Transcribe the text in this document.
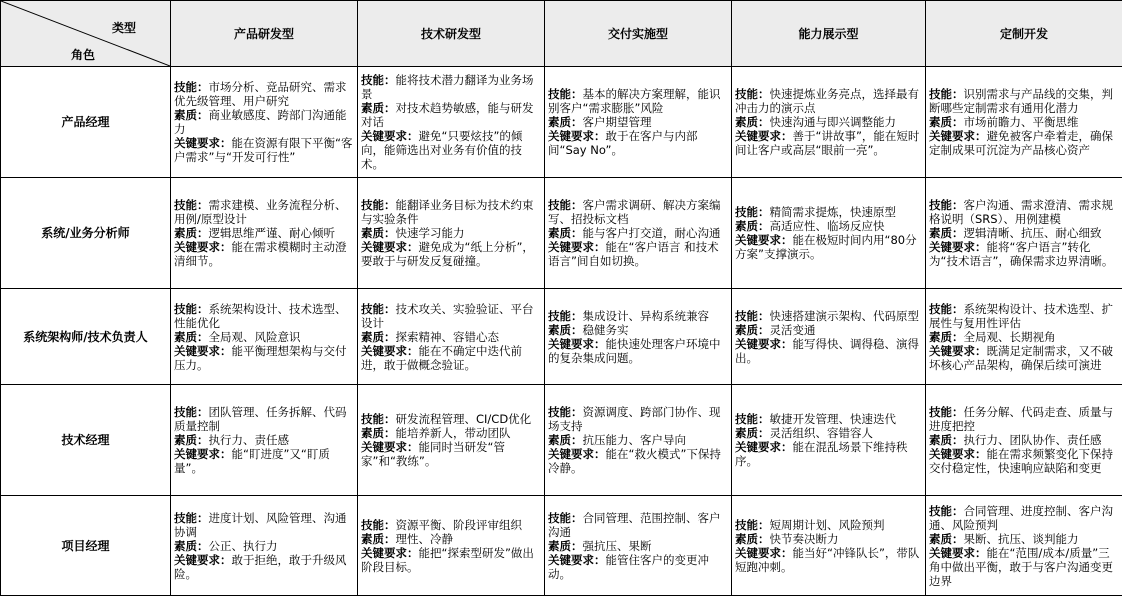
类型
角色	产品研发型	技术研发型	交付实施型	能力展示型	定制开发
产品经理	技能：市场分析、竞品研究、需求优先级管理、用户研究
素质：商业敏感度、跨部门沟通能力
关键要求：能在资源有限下平衡“客户需求”与“开发可行性”	技能：能将技术潜力翻译为业务场景
素质：对技术趋势敏感，能与研发对话
关键要求：避免“只要炫技”的倾向，能筛选出对业务有价值的技术。	技能：基本的解决方案理解，能识别客户“需求膨胀”风险
素质：客户期望管理
关键要求：敢于在客户与内部间“Say No”。	技能：快速提炼业务亮点，选择最有冲击力的演示点
素质：快速沟通与即兴调整能力
关键要求：善于“讲故事”，能在短时间让客户或高层“眼前一亮”。	技能：识别需求与产品线的交集，判断哪些定制需求有通用化潜力
素质：市场前瞻力、平衡思维
关键要求：避免被客户牵着走，确保定制成果可沉淀为产品核心资产

系统/业务分析师	技能：需求建模、业务流程分析、用例/原型设计
素质：逻辑思维严谨、耐心倾听
关键要求：能在需求模糊时主动澄清细节。	技能：能翻译业务目标为技术约束与实验条件
素质：快速学习能力
关键要求：避免成为“纸上分析”，要敢于与研发反复碰撞。	技能：客户需求调研、解决方案编写、招投标文档
素质：能与客户打交道，耐心沟通
关键要求：能在“客户语言 和技术语言”间自如切换。	技能：精简需求提炼，快速原型
素质：高适应性、临场反应快
关键要求：能在极短时间内用“80分方案”支撑演示。	技能：客户沟通、需求澄清、需求规格说明（SRS）、用例建模
素质：逻辑清晰、抗压、耐心细致
关键要求：能将“客户语言”转化为“技术语言”，确保需求边界清晰。

系统架构师/技术负责人	技能：系统架构设计、技术选型、性能优化
素质：全局观、风险意识
关键要求：能平衡理想架构与交付压力。	技能：技术攻关、实验验证、平台设计
素质：探索精神、容错心态
关键要求：能在不确定中迭代前进，敢于做概念验证。	技能：集成设计、异构系统兼容
素质：稳健务实
关键要求：能快速处理客户环境中的复杂集成问题。	技能：快速搭建演示架构、代码原型
素质：灵活变通
关键要求：能写得快、调得稳、演得出。	技能：系统架构设计、技术选型、扩展性与复用性评估
素质：全局观、长期视角
关键要求：既满足定制需求，又不破坏核心产品架构，确保后续可演进

技术经理	技能：团队管理、任务拆解、代码质量控制
素质：执行力、责任感
关键要求：能“盯进度”又“盯质量”。	技能：研发流程管理、CI/CD优化
素质：能培养新人，带动团队
关键要求：能同时当研发“管家”和“教练”。	技能：资源调度、跨部门协作、现场支持
素质：抗压能力、客户导向
关键要求：能在“救火模式”下保持冷静。	技能：敏捷开发管理、快速迭代
素质：灵活组织、容错容人
关键要求：能在混乱场景下维持秩序。	技能：任务分解、代码走查、质量与进度把控
素质：执行力、团队协作、责任感
关键要求：能在需求频繁变化下保持交付稳定性，快速响应缺陷和变更

项目经理	技能：进度计划、风险管理、沟通协调
素质：公正、执行力
关键要求：敢于拒绝，敢于升级风险。	技能：资源平衡、阶段评审组织
素质：理性、冷静
关键要求：能把“探索型研发”做出阶段目标。	技能：合同管理、范围控制、客户沟通
素质：强抗压、果断
关键要求：能管住客户的变更冲动。	技能：短周期计划、风险预判
素质：快节奏决断力
关键要求：能当好“冲锋队长”，带队短跑冲刺。	技能：合同管理、进度控制、客户沟通、风险预判
素质：果断、抗压、谈判能力
关键要求：能在“范围/成本/质量”三角中做出平衡，敢于与客户沟通变更边界
